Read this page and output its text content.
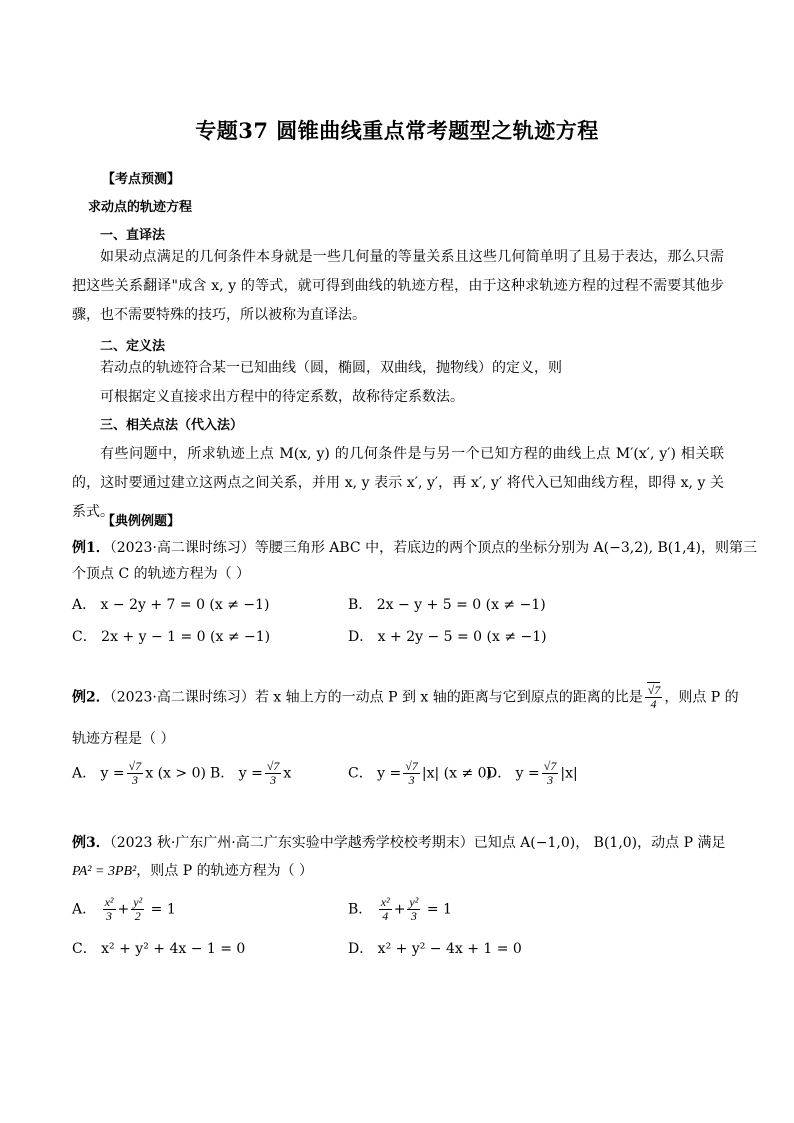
专题37 圆锥曲线重点常考题型之轨迹方程
【考点预测】
求动点的轨迹方程
一、直译法
如果动点满足的几何条件本身就是一些几何量的等量关系且这些几何简单明了且易于表达，那么只需把这些关系翻译"成含 x, y 的等式，就可得到曲线的轨迹方程，由于这种求轨迹方程的过程不需要其他步骤，也不需要特殊的技巧，所以被称为直译法。
二、定义法
若动点的轨迹符合某一已知曲线（圆，椭圆，双曲线，抛物线）的定义，则
可根据定义直接求出方程中的待定系数，故称待定系数法。
三、相关点法（代入法）
有些问题中，所求轨迹上点 M(x, y) 的几何条件是与另一个已知方程的曲线上点 M′(x′, y′) 相关联的，这时要通过建立这两点之间关系，并用 x, y 表示 x′, y′，再 x′, y′ 将代入已知曲线方程，即得 x, y 关系式。
【典例例题】
例1．（2023·高二课时练习）等腰三角形 ABC 中，若底边的两个顶点的坐标分别为 A(−3,2), B(1,4)，则第三
个顶点 C 的轨迹方程为（ ）
A． x − 2y + 7 = 0 (x ≠ −1)	B． 2x − y + 5 = 0 (x ≠ −1)
C． 2x + y − 1 = 0 (x ≠ −1)	D． x + 2y − 5 = 0 (x ≠ −1)
例2．（2023·高二课时练习）若 x 轴上方的一动点 P 到 x 轴的距离与它到原点的距离的比是 $\frac{√7}{4}$ ，则点 P 的
轨迹方程是（ ）
A． $y = \frac{√7}{3}$ x (x > 0) B． $y = \frac{√7}{3}$ x	C． $y = \frac{√7}{3} |x|$ (x ≠ 0)
D． $y = \frac{√7}{3} |x|$
例3．（2023 秋·广东广州·高二广东实验中学越秀学校校考期末）已知点 A(−1,0)， B(1,0)，动点 P 满足
PA² = 3PB²，则点 P 的轨迹方程为（ ）
A． $\frac{\text{x²}}{3} + \frac{\text{y²}}{2} = 1$	B． $\frac{\text{x²}}{4} + \frac{\text{y²}}{3} = 1$
C． x² + y² + 4x − 1 = 0	D． x² + y² − 4x + 1 = 0
